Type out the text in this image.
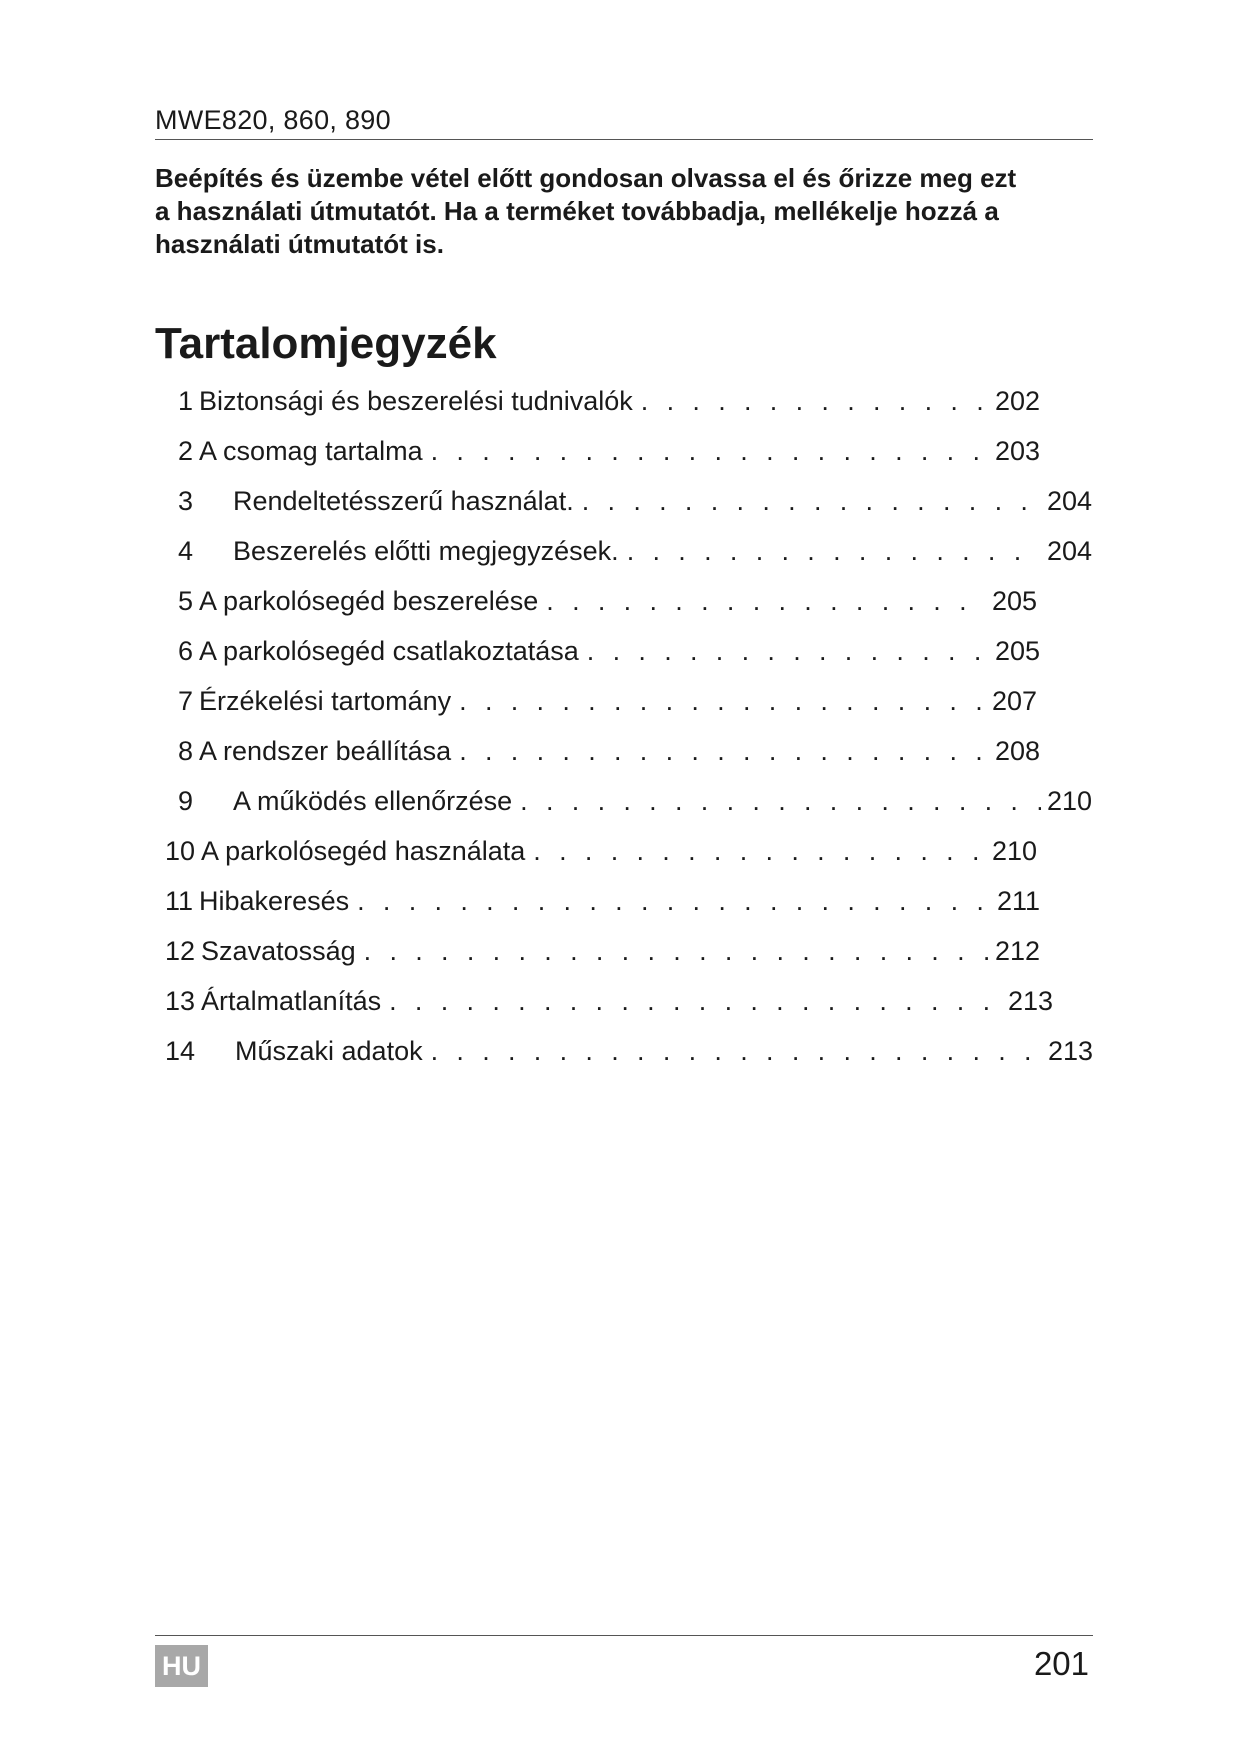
MWE820, 860, 890
Beépítés és üzembe vétel előtt gondosan olvassa el és őrizze meg ezt
a használati útmutatót. Ha a terméket továbbadja, mellékelje hozzá a
használati útmutatót is.
Tartalomjegyzék
1 Biztonsági és beszerelési tudnivalók . . .	202
2 A csomag tartalma . . .	203
3	Rendeltetésszerű használat. . . .	204
4	Beszerelés előtti megjegyzések. . . .	204
5 A parkolósegéd beszerelése . . .	205
6 A parkolósegéd csatlakoztatása . . .	205
7 Érzékelési tartomány . . .	207
8 A rendszer beállítása . . .	208
9	A működés ellenőrzése . . .	210
10 A parkolósegéd használata . . .	210
11 Hibakeresés . . .	211
12 Szavatosság . . .	212
13 Ártalmatlanítás . . .	213
14	Műszaki adatok . . .	213
HU	201
